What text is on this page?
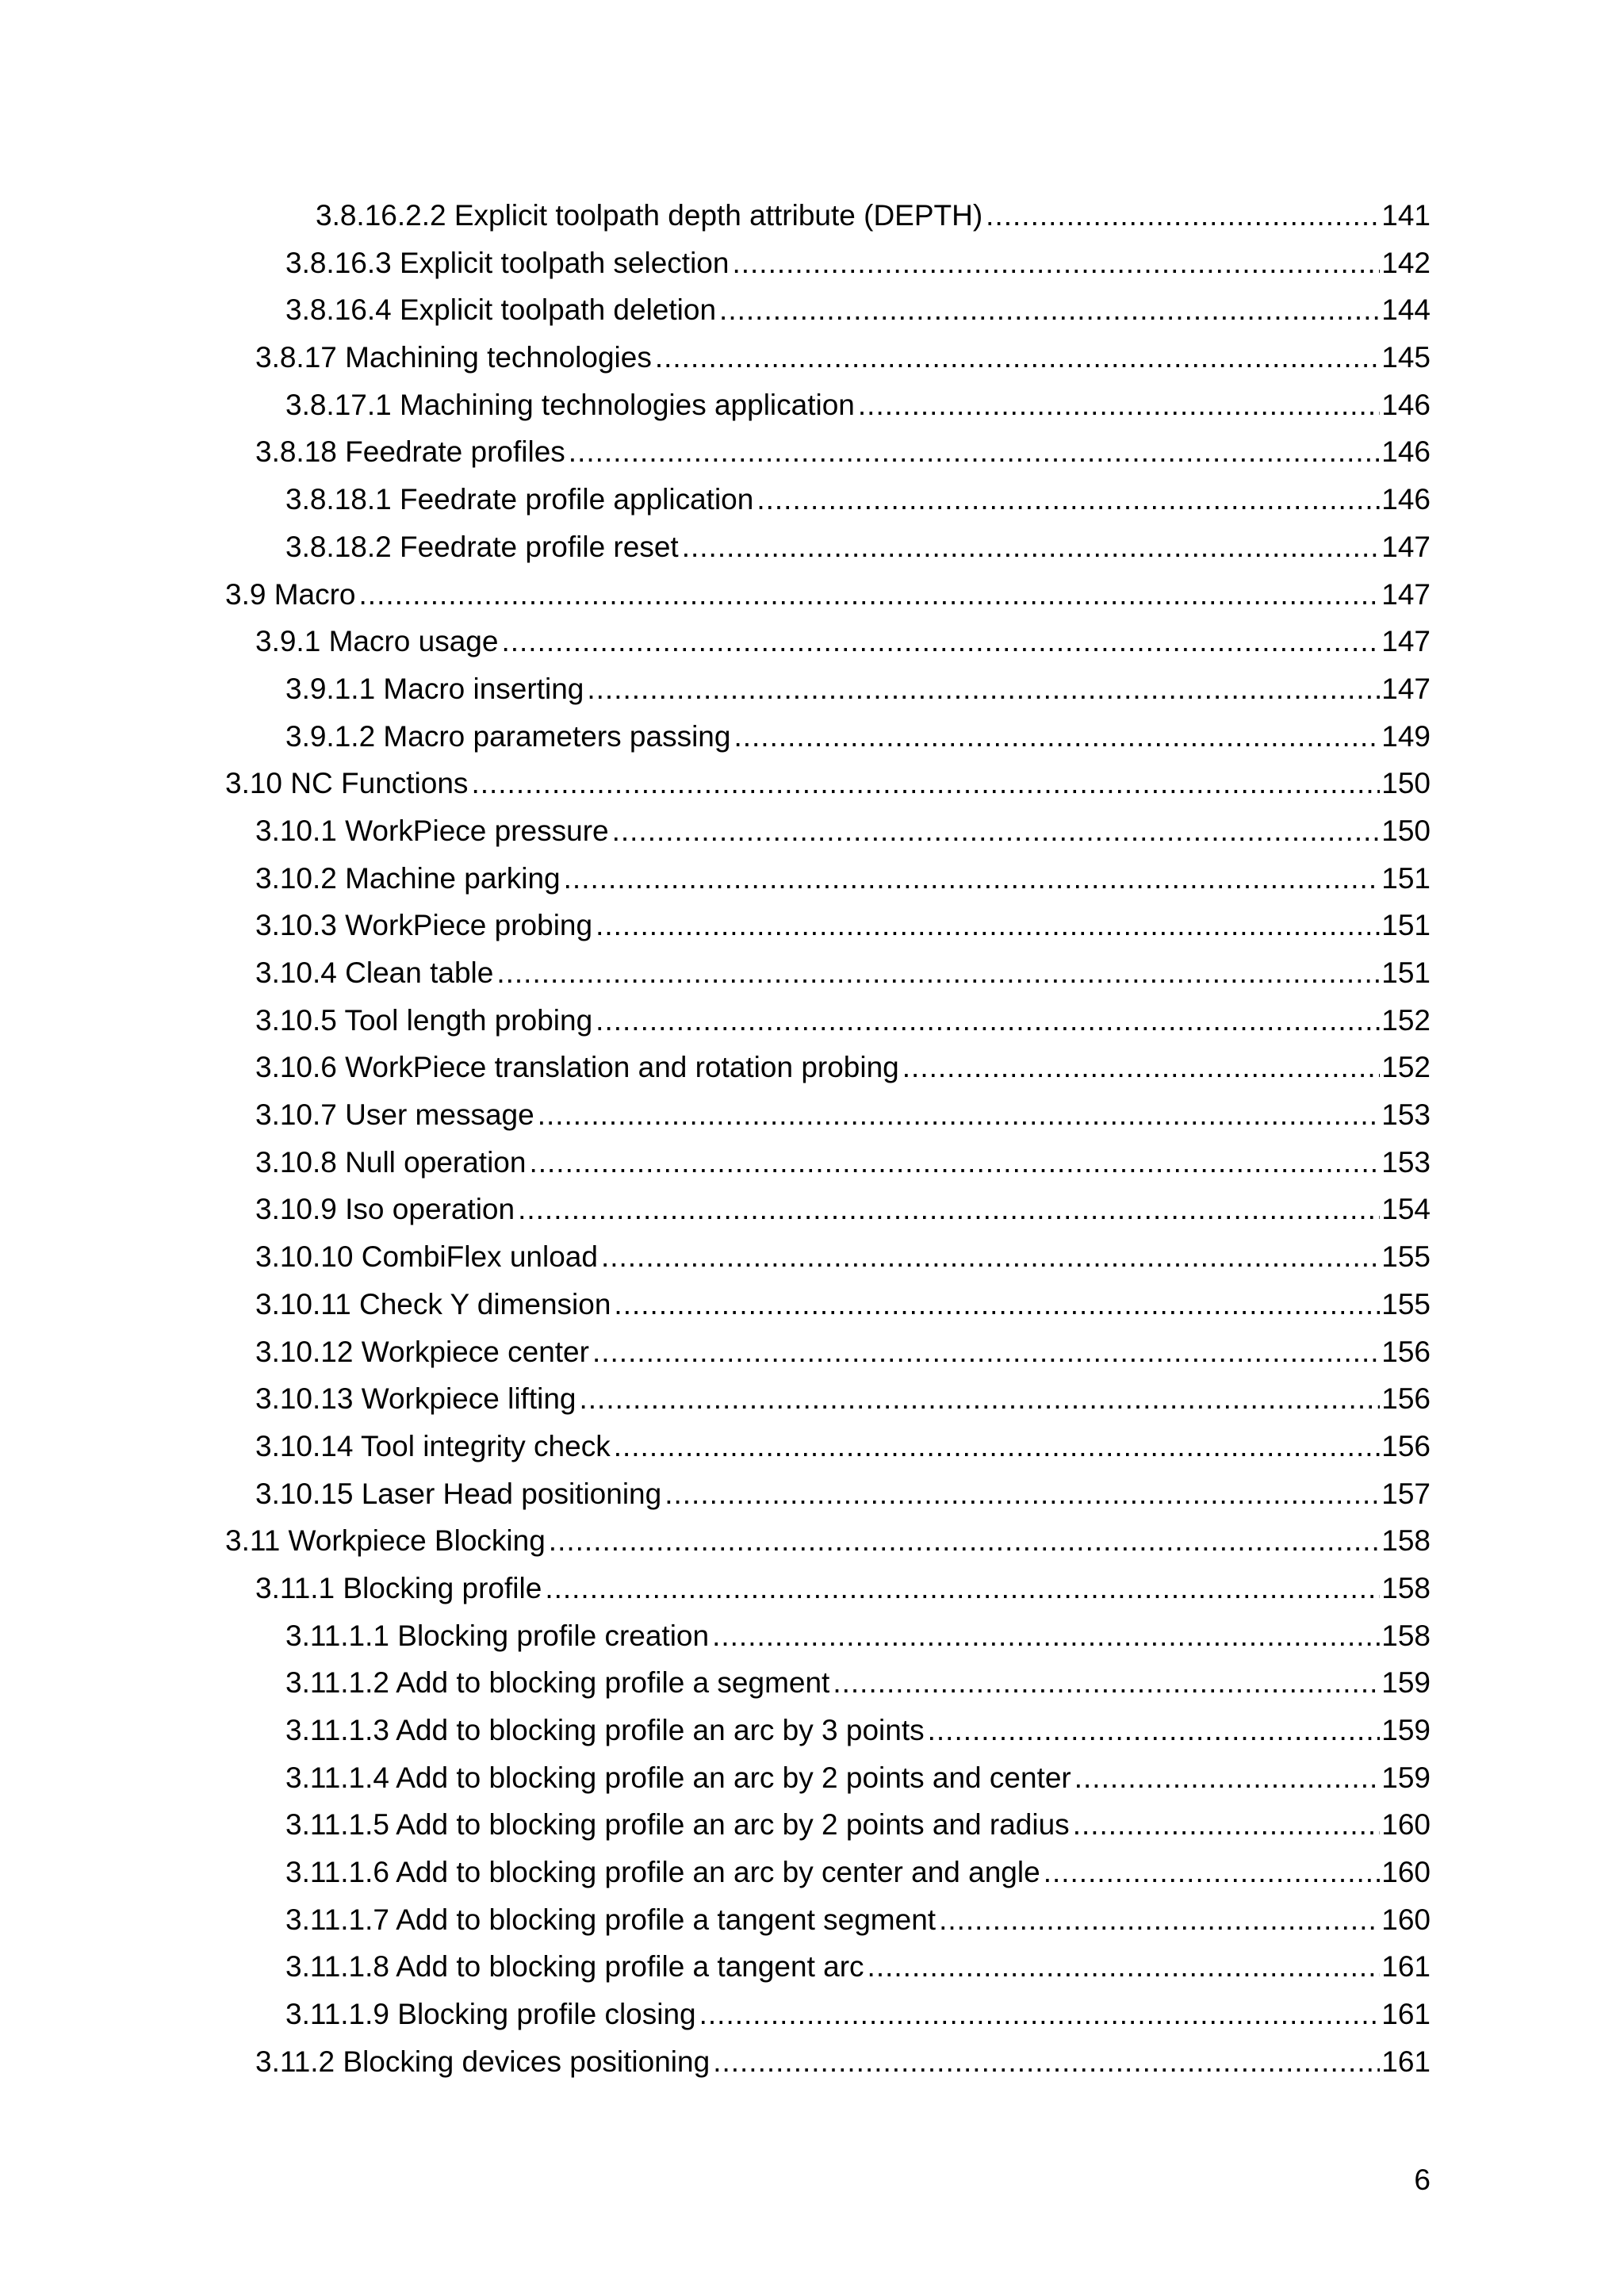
3.8.16.2.2 Explicit toolpath depth attribute (DEPTH) .....	141
3.8.16.3 Explicit toolpath selection .....	142
3.8.16.4 Explicit toolpath deletion .....	144
3.8.17 Machining technologies .....	145
3.8.17.1 Machining technologies application .....	146
3.8.18 Feedrate profiles .....	146
3.8.18.1 Feedrate profile application .....	146
3.8.18.2 Feedrate profile reset .....	147
3.9 Macro .....	147
3.9.1 Macro usage .....	147
3.9.1.1 Macro inserting .....	147
3.9.1.2 Macro parameters passing .....	149
3.10 NC Functions .....	150
3.10.1 WorkPiece pressure .....	150
3.10.2 Machine parking .....	151
3.10.3 WorkPiece probing .....	151
3.10.4 Clean table .....	151
3.10.5 Tool length probing .....	152
3.10.6 WorkPiece translation and rotation probing .....	152
3.10.7 User message .....	153
3.10.8 Null operation .....	153
3.10.9 Iso operation .....	154
3.10.10 CombiFlex unload .....	155
3.10.11 Check Y dimension .....	155
3.10.12 Workpiece center .....	156
3.10.13 Workpiece lifting .....	156
3.10.14 Tool integrity check .....	156
3.10.15 Laser Head positioning .....	157
3.11 Workpiece Blocking .....	158
3.11.1 Blocking profile .....	158
3.11.1.1 Blocking profile creation .....	158
3.11.1.2 Add to blocking profile a segment .....	159
3.11.1.3 Add to blocking profile an arc by 3 points .....	159
3.11.1.4 Add to blocking profile an arc by 2 points and center .....	159
3.11.1.5 Add to blocking profile an arc by 2 points and radius .....	160
3.11.1.6 Add to blocking profile an arc by center and angle .....	160
3.11.1.7 Add to blocking profile a tangent segment .....	160
3.11.1.8 Add to blocking profile a tangent arc .....	161
3.11.1.9 Blocking profile closing .....	161
3.11.2 Blocking devices positioning .....	161
6
